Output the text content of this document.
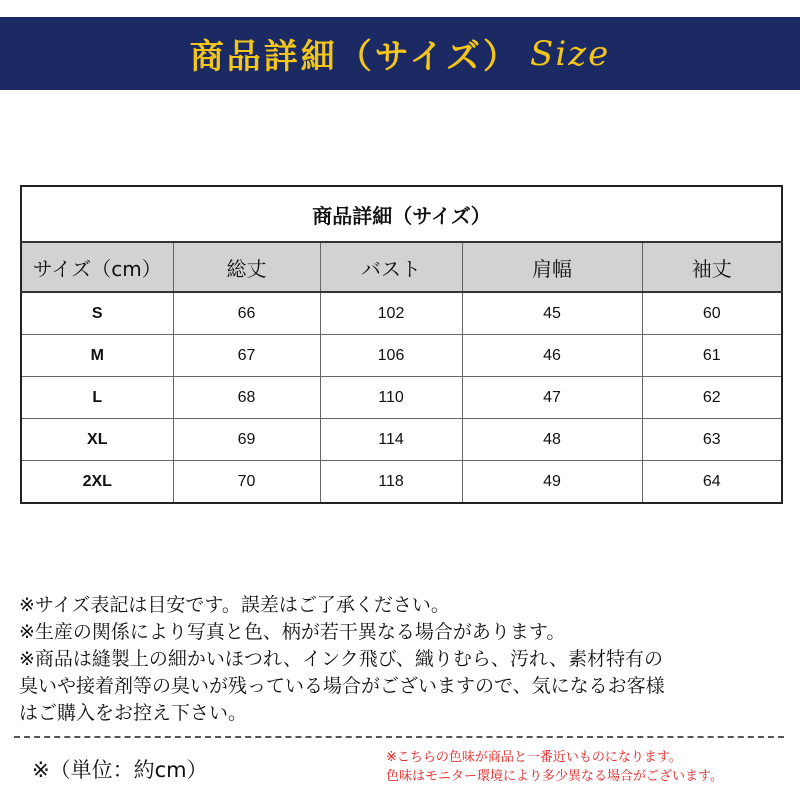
商品詳細（サイズ） Size
商品詳細（サイズ）				
サイズ（cm）	総丈	バスト	肩幅	袖丈
S	66	102	45	60
M	67	106	46	61
L	68	110	47	62
XL	69	114	48	63
2XL	70	118	49	64

※サイズ表記は目安です。誤差はご了承ください。

※生産の関係により写真と色、柄が若干異なる場合があります。

※商品は縫製上の細かいほつれ、インク飛び、織りむら、汚れ、素材特有の

臭いや接着剤等の臭いが残っている場合がございますので、気になるお客様

はご購入をお控え下さい。

※（単位：約cm）

※こちらの色味が商品と一番近いものになります。

色味はモニター環境により多少異なる場合がございます。
